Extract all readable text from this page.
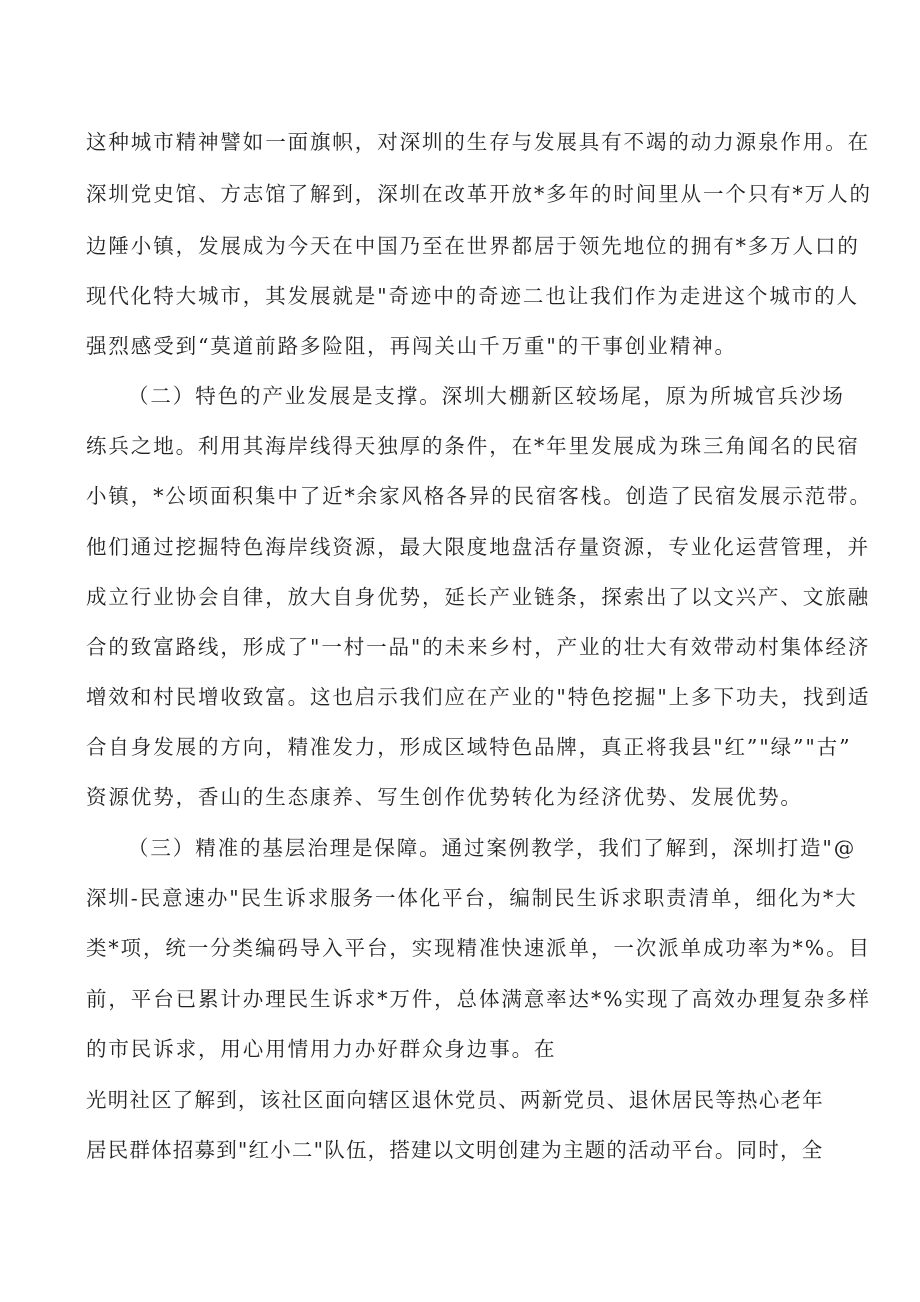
这种城市精神譬如一面旗帜，对深圳的生存与发展具有不竭的动力源泉作用。在
深圳党史馆、方志馆了解到，深圳在改革开放*多年的时间里从一个只有*万人的
边陲小镇，发展成为今天在中国乃至在世界都居于领先地位的拥有*多万人口的
现代化特大城市，其发展就是"奇迹中的奇迹二也让我们作为走进这个城市的人
强烈感受到“莫道前路多险阻，再闯关山千万重"的干事创业精神。
（二）特色的产业发展是支撑。深圳大棚新区较场尾，原为所城官兵沙场
练兵之地。利用其海岸线得天独厚的条件，在*年里发展成为珠三角闻名的民宿
小镇，*公顷面积集中了近*余家风格各异的民宿客栈。创造了民宿发展示范带。
他们通过挖掘特色海岸线资源，最大限度地盘活存量资源，专业化运营管理，并
成立行业协会自律，放大自身优势，延长产业链条，探索出了以文兴产、文旅融
合的致富路线，形成了"一村一品"的未来乡村，产业的壮大有效带动村集体经济
增效和村民增收致富。这也启示我们应在产业的"特色挖掘"上多下功夫，找到适
合自身发展的方向，精准发力，形成区域特色品牌，真正将我县"红”"绿”"古”
资源优势，香山的生态康养、写生创作优势转化为经济优势、发展优势。
（三）精准的基层治理是保障。通过案例教学，我们了解到，深圳打造"@
深圳-民意速办"民生诉求服务一体化平台，编制民生诉求职责清单，细化为*大
类*项，统一分类编码导入平台，实现精准快速派单，一次派单成功率为*%。目
前，平台已累计办理民生诉求*万件，总体满意率达*%实现了高效办理复杂多样
的市民诉求，用心用情用力办好群众身边事。在
光明社区了解到，该社区面向辖区退休党员、两新党员、退休居民等热心老年
居民群体招募到"红小二"队伍，搭建以文明创建为主题的活动平台。同时，全
